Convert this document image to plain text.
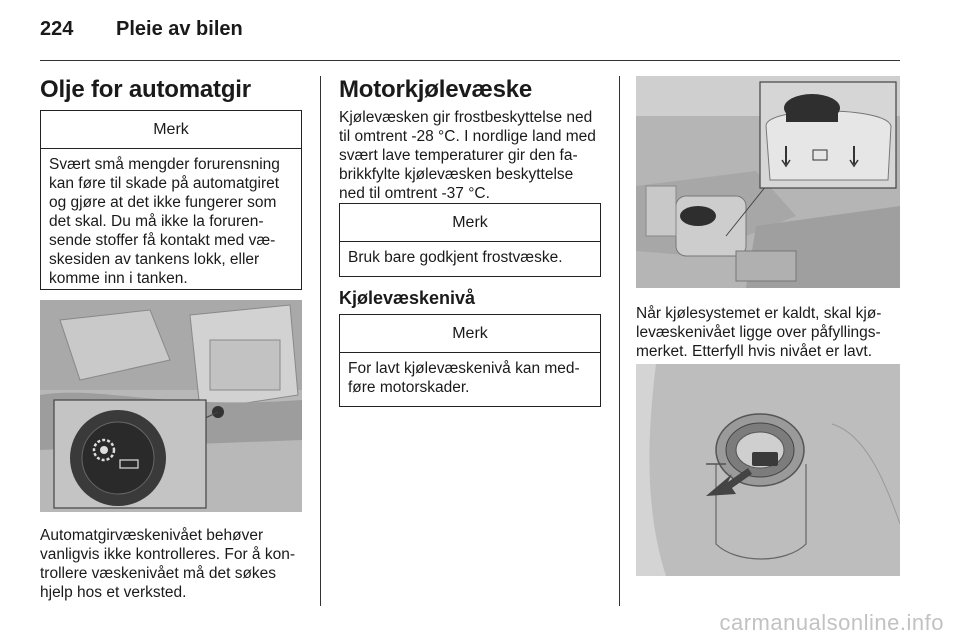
224 Pleie av bilen
Olje for automatgir
Merk
Svært små mengder forurensning
kan føre til skade på automatgiret
og gjøre at det ikke fungerer som
det skal. Du må ikke la foruren-
sende stoffer få kontakt med væ-
skesiden av tankens lokk, eller
komme inn i tanken.
Automatgirvæskenivået behøver
vanligvis ikke kontrolleres. For å kon-
trollere væskenivået må det søkes
hjelp hos et verksted.
Motorkjølevæske
Kjølevæsken gir frostbeskyttelse ned
til omtrent -28 °C. I nordlige land med
svært lave temperaturer gir den fa-
brikkfylte kjølevæsken beskyttelse
ned til omtrent -37 °C.
Merk
Bruk bare godkjent frostvæske.
Kjølevæskenivå
Merk
For lavt kjølevæskenivå kan med-
føre motorskader.
Når kjølesystemet er kaldt, skal kjø-
levæskenivået ligge over påfyllings-
merket. Etterfyll hvis nivået er lavt.
carmanualsonline.info
